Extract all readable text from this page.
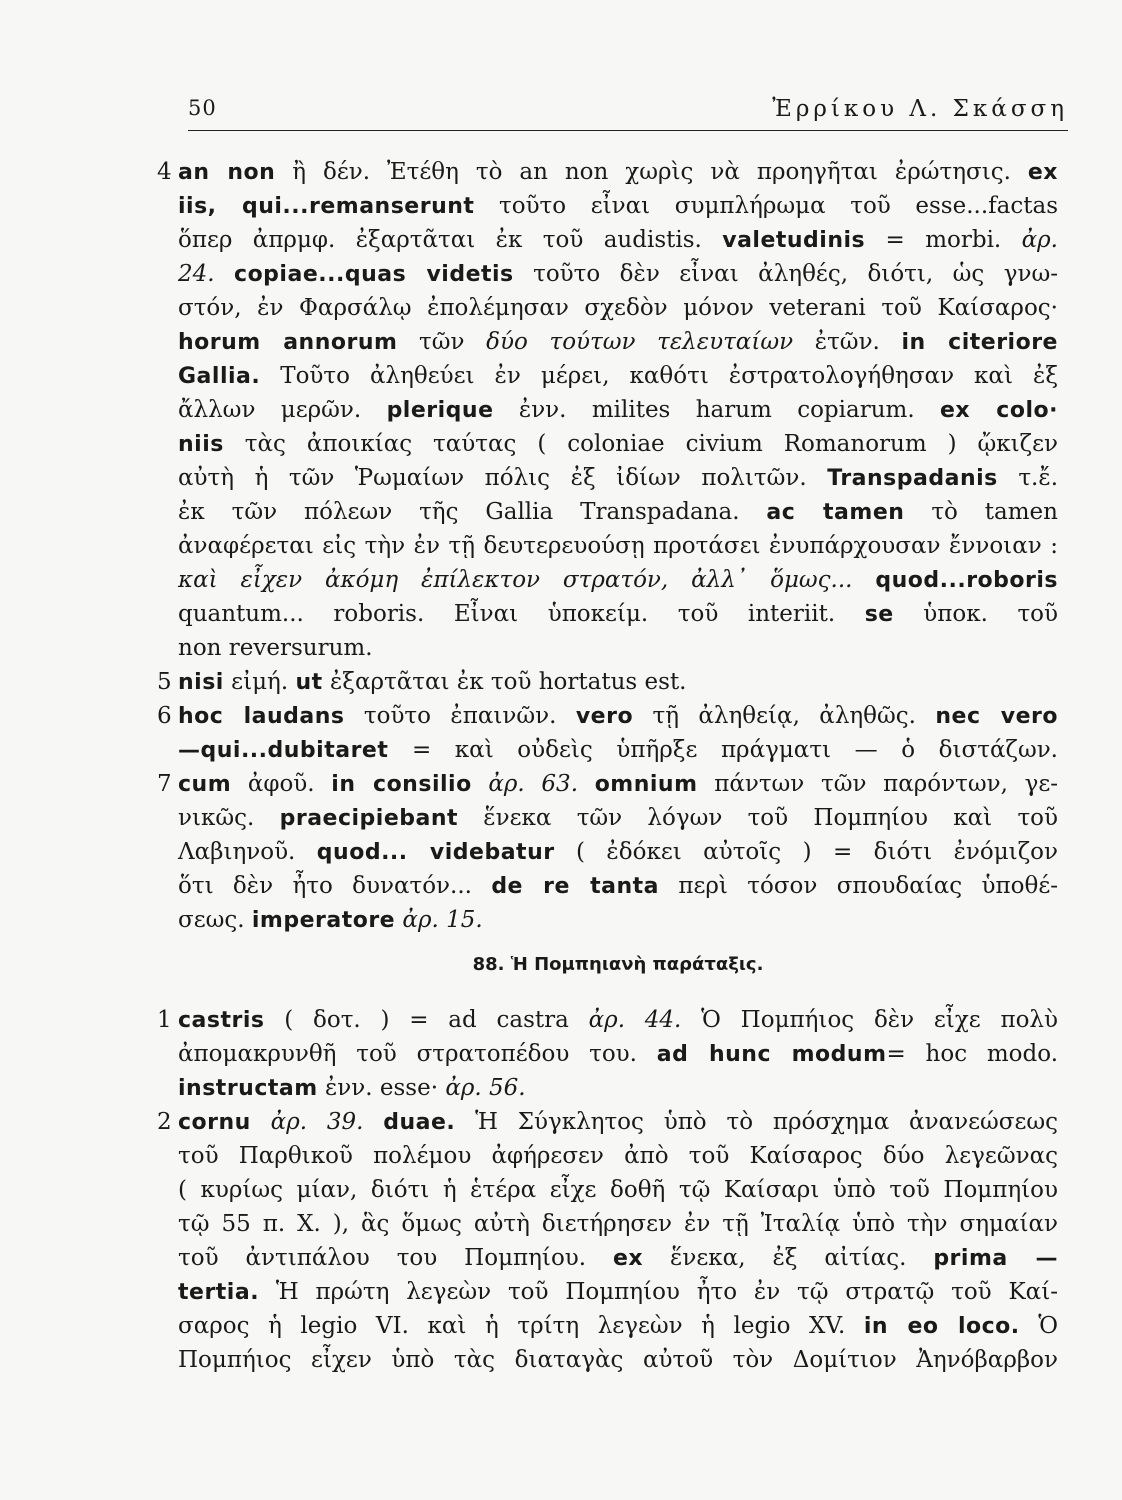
50	Ἐρρίκου Λ. Σκάσση
4 an non ἢ δέν. Ἐτέθη τὸ an non χωρὶς νὰ προηγῆται ἐρώτησις. ex
iis, qui...remanserunt τοῦτο εἶναι συμπλήρωμα τοῦ esse...factas
ὅπερ ἀπρμφ. ἐξαρτᾶται ἐκ τοῦ audistis. valetudinis = morbi. ἀρ.
24. copiae...quas videtis τοῦτο δὲν εἶναι ἀληθές, διότι, ὡς γνω-
στόν, ἐν Φαρσάλῳ ἐπολέμησαν σχεδὸν μόνον veterani τοῦ Καίσαρος·
horum annorum τῶν δύο τούτων τελευταίων ἐτῶν. in citeriore
Gallia. Τοῦτο ἀληθεύει ἐν μέρει, καθότι ἐστρατολογήθησαν καὶ ἐξ
ἄλλων μερῶν. plerique ἐνν. milites harum copiarum. ex colo·
niis τὰς ἀποικίας ταύτας ( coloniae civium Romanorum ) ᾤκιζεν
αὐτὴ ἡ τῶν Ῥωμαίων πόλις ἐξ ἰδίων πολιτῶν. Transpadanis τ.ἔ.
ἐκ τῶν πόλεων τῆς Gallia Transpadana. ac tamen τὸ tamen
ἀναφέρεται εἰς τὴν ἐν τῇ δευτερευούσῃ προτάσει ἐνυπάρχουσαν ἔννοιαν :
καὶ εἶχεν ἀκόμη ἐπίλεκτον στρατόν, ἀλλ᾽ ὅμως... quod...roboris
quantum... roboris. Εἶναι ὑποκείμ. τοῦ interiit. se ὑποκ. τοῦ
non reversurum.
5 nisi εἰμή. ut ἐξαρτᾶται ἐκ τοῦ hortatus est.
6 hoc laudans τοῦτο ἐπαινῶν. vero τῇ ἀληθείᾳ, ἀληθῶς. nec vero
—qui...dubitaret = καὶ οὐδεὶς ὑπῆρξε πράγματι — ὁ διστάζων.
7 cum ἀφοῦ. in consilio ἀρ. 63. omnium πάντων τῶν παρόντων, γε-
νικῶς. praecipiebant ἕνεκα τῶν λόγων τοῦ Πομπηίου καὶ τοῦ
Λαβιηνοῦ. quod... videbatur ( ἐδόκει αὐτοῖς ) = διότι ἐνόμιζον
ὅτι δὲν ἦτο δυνατόν... de re tanta περὶ τόσον σπουδαίας ὑποθέ-
σεως. imperatore ἀρ. 15.
88. Ἡ Πομπηιανὴ παράταξις.
1 castris ( δοτ. ) = ad castra ἀρ. 44. Ὁ Πομπήιος δὲν εἶχε πολὺ
ἀπομακρυνθῆ τοῦ στρατοπέδου του. ad hunc modum= hoc modo.
instructam ἐνν. esse· ἀρ. 56.
2 cornu ἀρ. 39. duae. Ἡ Σύγκλητος ὑπὸ τὸ πρόσχημα ἀνανεώσεως
τοῦ Παρθικοῦ πολέμου ἀφήρεσεν ἀπὸ τοῦ Καίσαρος δύο λεγεῶνας
( κυρίως μίαν, διότι ἡ ἑτέρα εἶχε δοθῆ τῷ Καίσαρι ὑπὸ τοῦ Πομπηίου
τῷ 55 π. Χ. ), ἃς ὅμως αὐτὴ διετήρησεν ἐν τῇ Ἰταλίᾳ ὑπὸ τὴν σημαίαν
τοῦ ἀντιπάλου του Πομπηίου. ex ἕνεκα, ἐξ αἰτίας. prima —
tertia. Ἡ πρώτη λεγεὼν τοῦ Πομπηίου ἦτο ἐν τῷ στρατῷ τοῦ Καί-
σαρος ἡ legio VI. καὶ ἡ τρίτη λεγεὼν ἡ legio XV. in eo loco. Ὁ
Πομπήιος εἶχεν ὑπὸ τὰς διαταγὰς αὐτοῦ τὸν Δομίτιον Ἀηνόβαρβον
